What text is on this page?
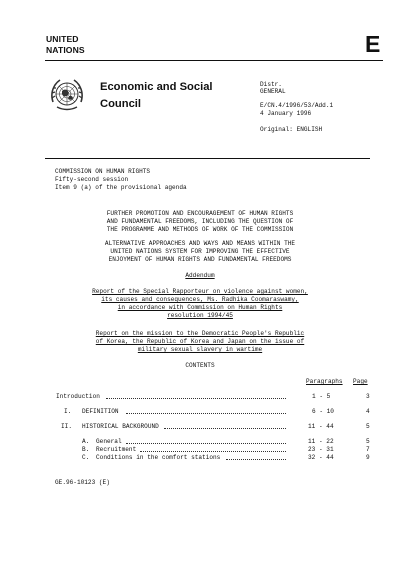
UNITED
NATIONS	E
Economic and Social
Council
Distr.
GENERAL
E/CN.4/1996/53/Add.1
4 January 1996
Original: ENGLISH
COMMISSION ON HUMAN RIGHTS
Fifty-second session
Item 9 (a) of the provisional agenda
FURTHER PROMOTION AND ENCOURAGEMENT OF HUMAN RIGHTS
AND FUNDAMENTAL FREEDOMS, INCLUDING THE QUESTION OF
THE PROGRAMME AND METHODS OF WORK OF THE COMMISSION
ALTERNATIVE APPROACHES AND WAYS AND MEANS WITHIN THE
UNITED NATIONS SYSTEM FOR IMPROVING THE EFFECTIVE
ENJOYMENT OF HUMAN RIGHTS AND FUNDAMENTAL FREEDOMS
Addendum
Report of the Special Rapporteur on violence against women,
its causes and consequences, Ms. Radhika Coomaraswamy,
in accordance with Commission on Human Rights
resolution 1994/45
Report on the mission to the Democratic People's Republic
of Korea, the Republic of Korea and Japan on the issue of
military sexual slavery in wartime
CONTENTS
Paragraphs Page
Introduction	1 - 5	3
I. DEFINITION	6 - 10	4
II. HISTORICAL BACKGROUND	11 - 44	5
A. General	11 - 22	5
B. Recruitment	23 - 31	7
C. Conditions in the comfort stations	32 - 44	9
GE.96-10123 (E)
